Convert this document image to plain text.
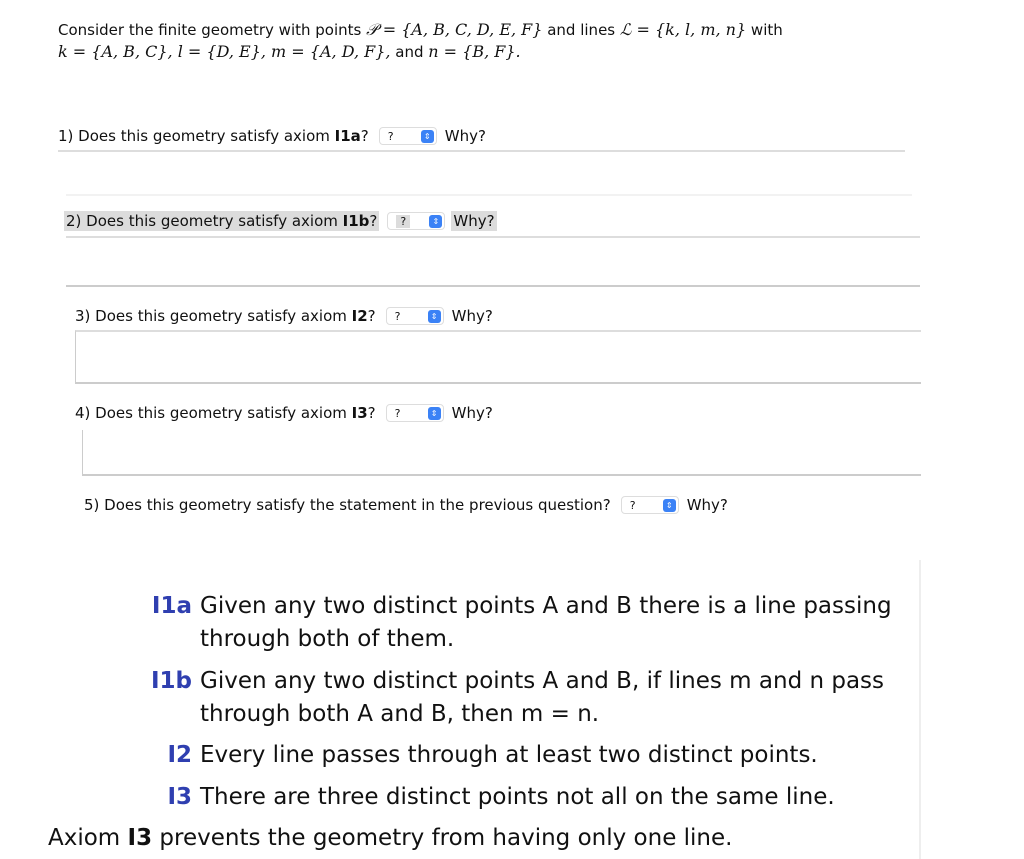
Consider the finite geometry with points 𝒫 = {A, B, C, D, E, F} and lines ℒ = {k, l, m, n} with
k = {A, B, C}, l = {D, E}, m = {A, D, F}, and n = {B, F}.
1) Does this geometry satisfy axiom I1a? ?	⇕ Why?
2) Does this geometry satisfy axiom I1b?	?	⇕ Why?
3) Does this geometry satisfy axiom I2? ?	⇕ Why?
4) Does this geometry satisfy axiom I3? ?	⇕ Why?
5) Does this geometry satisfy the statement in the previous question? ?	⇕ Why?
I1a Given any two distinct points A and B there is a line passing
through both of them.
I1b Given any two distinct points A and B, if lines m and n pass
through both A and B, then m = n.
I2 Every line passes through at least two distinct points.
I3 There are three distinct points not all on the same line.
Axiom I3 prevents the geometry from having only one line.
